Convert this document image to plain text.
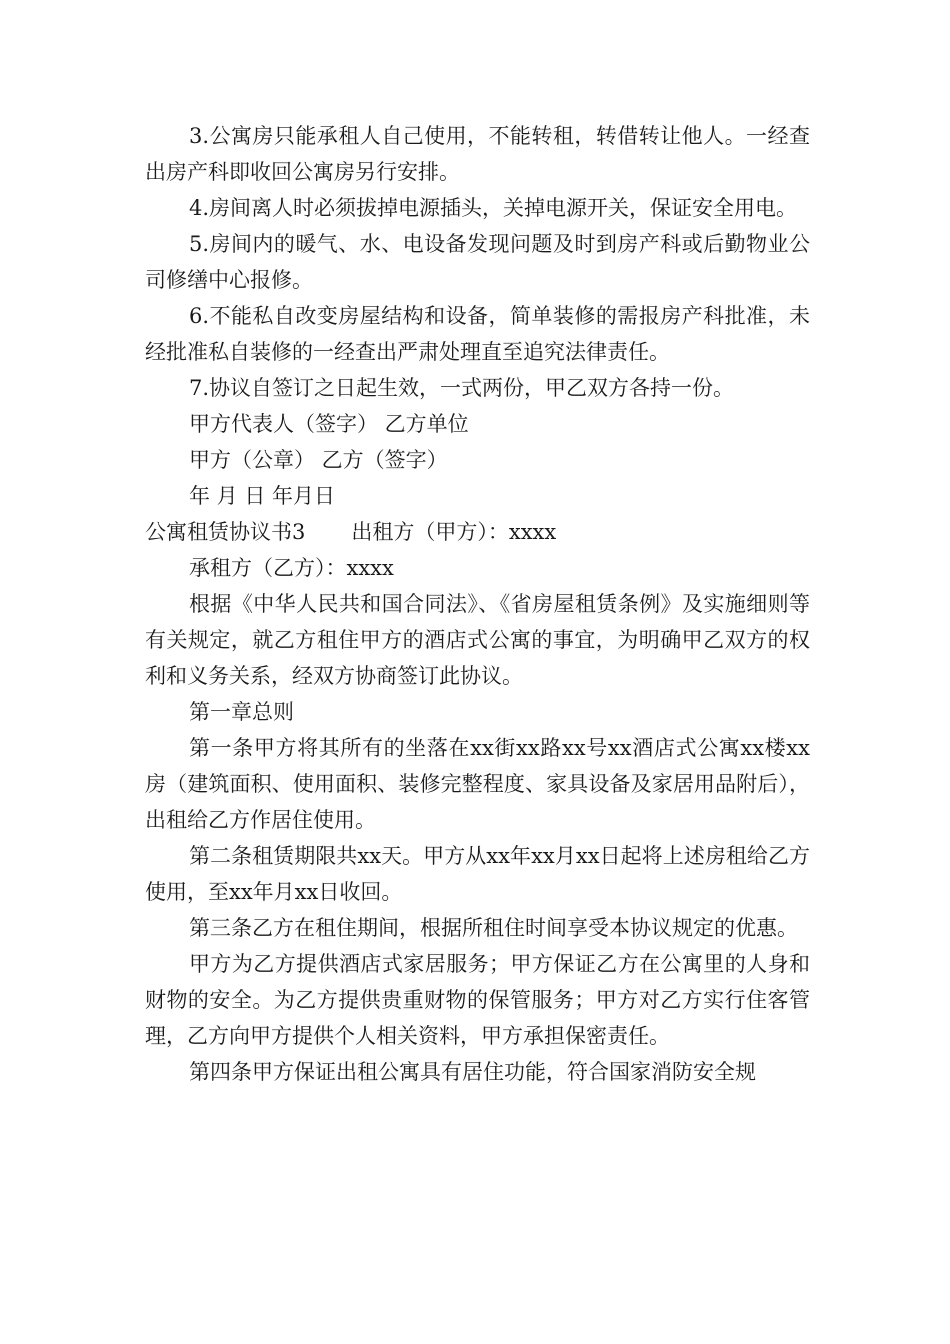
3.公寓房只能承租人自己使用，不能转租，转借转让他人。一经查出房产科即收回公寓房另行安排。

4.房间离人时必须拔掉电源插头，关掉电源开关，保证安全用电。

5.房间内的暖气、水、电设备发现问题及时到房产科或后勤物业公司修缮中心报修。

6.不能私自改变房屋结构和设备，简单装修的需报房产科批准，未经批准私自装修的一经查出严肃处理直至追究法律责任。

7.协议自签订之日起生效，一式两份，甲乙双方各持一份。

甲方代表人（签字） 乙方单位

甲方（公章） 乙方（签字）

年 月 日 年月日

公寓租赁协议书3 出租方（甲方）：xxxx

承租方（乙方）：xxxx

根据《中华人民共和国合同法》、《省房屋租赁条例》及实施细则等有关规定，就乙方租住甲方的酒店式公寓的事宜，为明确甲乙双方的权利和义务关系，经双方协商签订此协议。

第一章总则

第一条甲方将其所有的坐落在xx街xx路xx号xx酒店式公寓xx楼xx房（建筑面积、使用面积、装修完整程度、家具设备及家居用品附后），出租给乙方作居住使用。

第二条租赁期限共xx天。甲方从xx年xx月xx日起将上述房租给乙方使用，至xx年月xx日收回。

第三条乙方在租住期间，根据所租住时间享受本协议规定的优惠。

甲方为乙方提供酒店式家居服务；甲方保证乙方在公寓里的人身和财物的安全。为乙方提供贵重财物的保管服务；甲方对乙方实行住客管理，乙方向甲方提供个人相关资料，甲方承担保密责任。

第四条甲方保证出租公寓具有居住功能，符合国家消防安全规
